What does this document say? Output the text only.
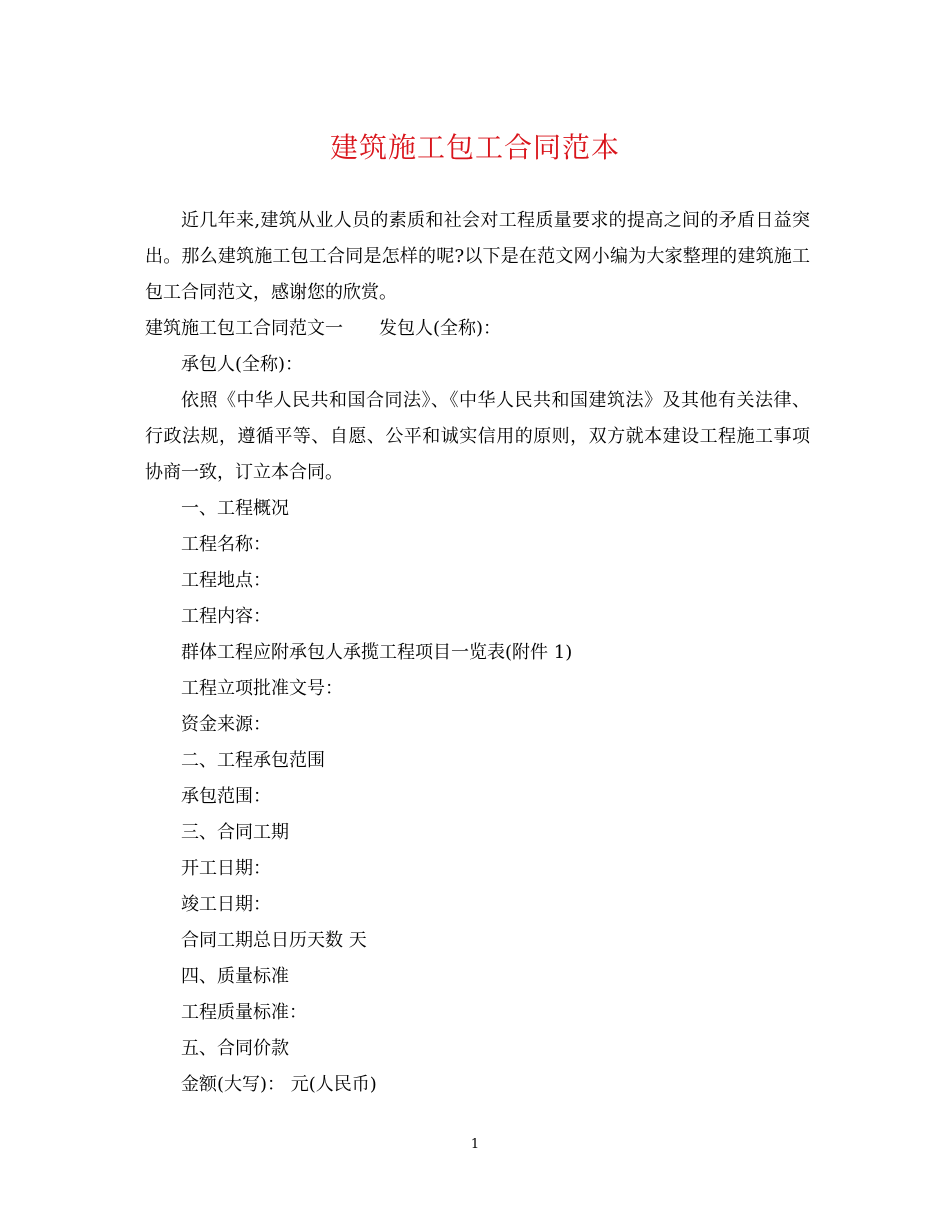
建筑施工包工合同范本

近几年来,建筑从业人员的素质和社会对工程质量要求的提高之间的矛盾日益突出。那么建筑施工包工合同是怎样的呢?以下是在范文网小编为大家整理的建筑施工包工合同范文，感谢您的欣赏。

建筑施工包工合同范文一 发包人(全称)：

承包人(全称)：

依照《中华人民共和国合同法》、《中华人民共和国建筑法》及其他有关法律、行政法规，遵循平等、自愿、公平和诚实信用的原则，双方就本建设工程施工事项协商一致，订立本合同。

一、工程概况

工程名称：

工程地点：

工程内容：

群体工程应附承包人承揽工程项目一览表(附件 1)

工程立项批准文号：

资金来源：

二、工程承包范围

承包范围：

三、合同工期

开工日期：

竣工日期：

合同工期总日历天数 天

四、质量标准

工程质量标准：

五、合同价款

金额(大写)： 元(人民币)

1
